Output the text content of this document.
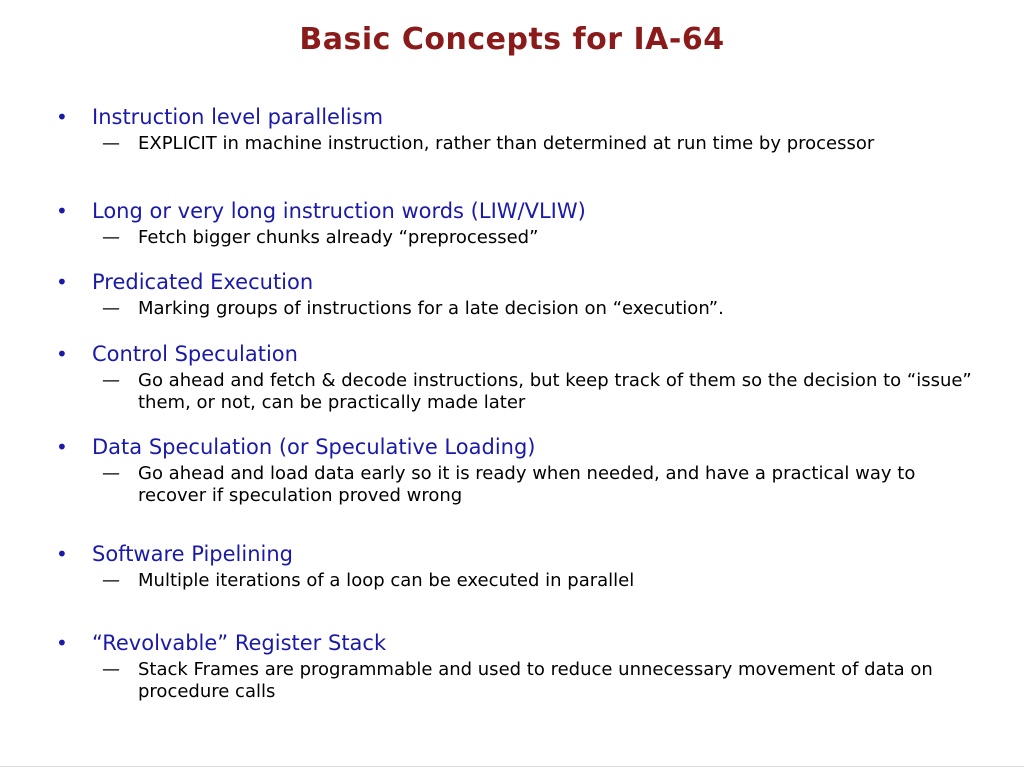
Basic Concepts for IA-64
• Instruction level parallelism
—	EXPLICIT in machine instruction, rather than determined at run time by processor
• Long or very long instruction words (LIW/VLIW)
—	Fetch bigger chunks already “preprocessed”
• Predicated Execution
—	Marking groups of instructions for a late decision on “execution”.
• Control Speculation
—	Go ahead and fetch & decode instructions, but keep track of them so the decision to “issue” them, or not, can be practically made later
• Data Speculation (or Speculative Loading)
—	Go ahead and load data early so it is ready when needed, and have a practical way to recover if speculation proved wrong
• Software Pipelining
—	Multiple iterations of a loop can be executed in parallel
• “Revolvable” Register Stack
—	Stack Frames are programmable and used to reduce unnecessary movement of data on procedure calls
